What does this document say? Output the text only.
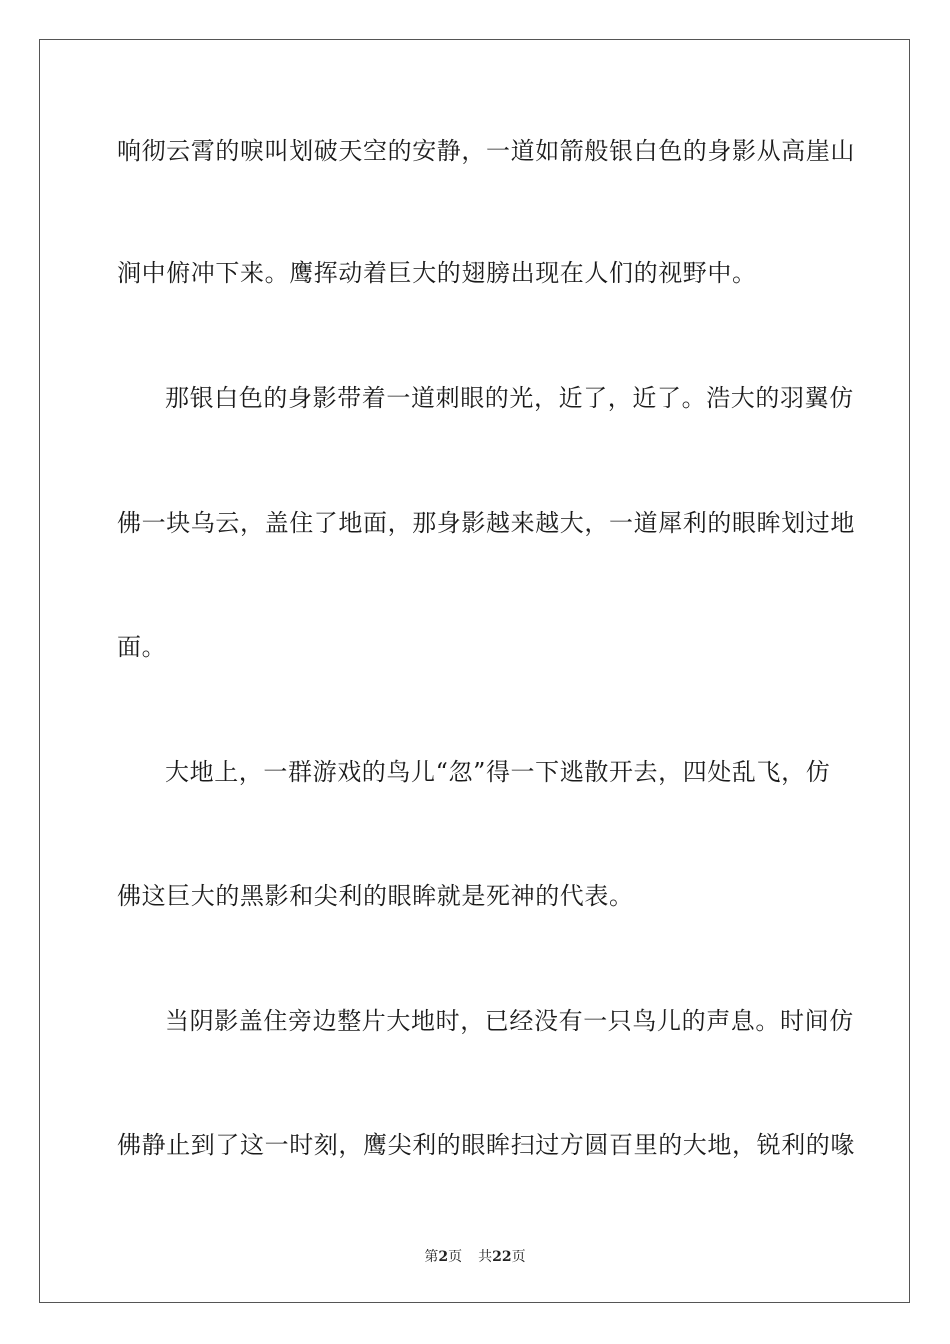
响彻云霄的唳叫划破天空的安静，一道如箭般银白色的身影从高崖山
涧中俯冲下来。鹰挥动着巨大的翅膀出现在人们的视野中。
那银白色的身影带着一道刺眼的光，近了，近了。浩大的羽翼仿
佛一块乌云，盖住了地面，那身影越来越大，一道犀利的眼眸划过地
面。
大地上，一群游戏的鸟儿“忽”得一下逃散开去，四处乱飞，仿
佛这巨大的黑影和尖利的眼眸就是死神的代表。
当阴影盖住旁边整片大地时，已经没有一只鸟儿的声息。时间仿
佛静止到了这一时刻，鹰尖利的眼眸扫过方圆百里的大地，锐利的喙
第2页 共22页
